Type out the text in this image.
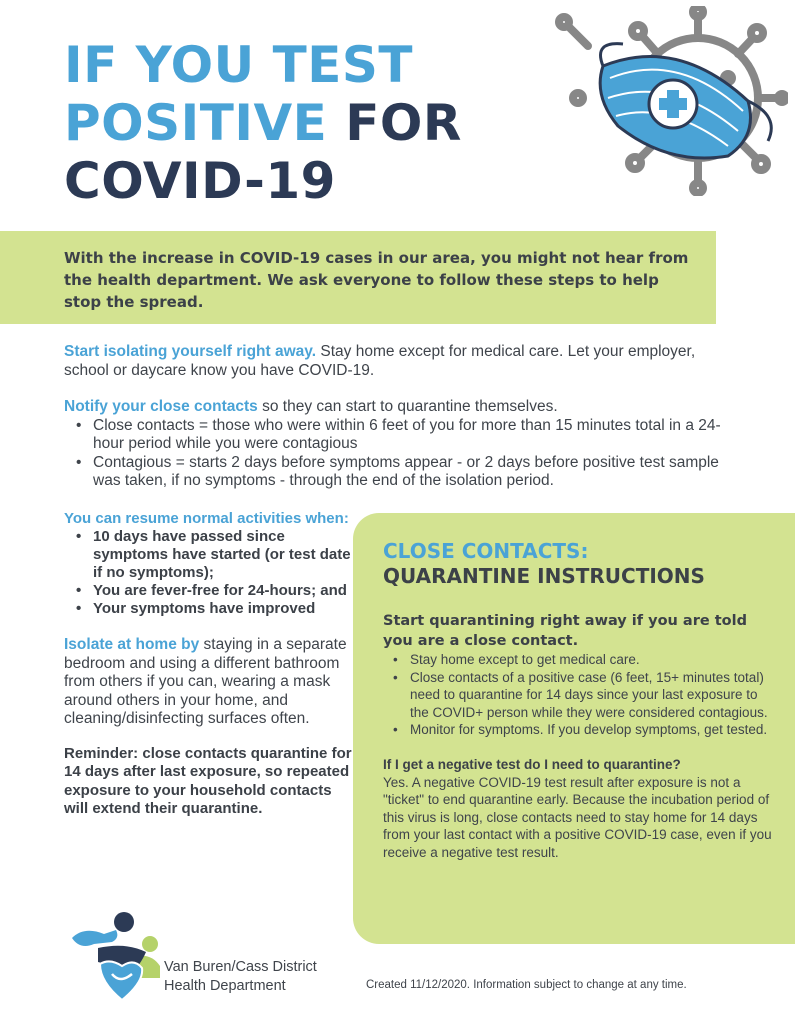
IF YOU TEST
POSITIVE FOR
COVID-19

With the increase in COVID-19 cases in our area, you might not hear from the health department. We ask everyone to follow these steps to help stop the spread.

Start isolating yourself right away. Stay home except for medical care. Let your employer, school or daycare know you have COVID-19.

Notify your close contacts so they can start to quarantine themselves.

• Close contacts = those who were within 6 feet of you for more than 15 minutes total in a 24-hour period while you were contagious
• Contagious = starts 2 days before symptoms appear - or 2 days before positive test sample was taken, if no symptoms - through the end of the isolation period.

You can resume normal activities when:

• 10 days have passed since symptoms have started (or test date if no symptoms);
• You are fever-free for 24-hours; and
• Your symptoms have improved

Isolate at home by staying in a separate bedroom and using a different bathroom from others if you can, wearing a mask around others in your home, and cleaning/disinfecting surfaces often.

Reminder: close contacts quarantine for 14 days after last exposure, so repeated exposure to your household contacts will extend their quarantine.

CLOSE CONTACTS:
QUARANTINE INSTRUCTIONS

Start quarantining right away if you are told you are a close contact.

• Stay home except to get medical care.
• Close contacts of a positive case (6 feet, 15+ minutes total) need to quarantine for 14 days since your last exposure to the COVID+ person while they were considered contagious.
• Monitor for symptoms. If you develop symptoms, get tested.

If I get a negative test do I need to quarantine?

Yes. A negative COVID-19 test result after exposure is not a "ticket" to end quarantine early. Because the incubation period of this virus is long, close contacts need to stay home for 14 days from your last contact with a positive COVID-19 case, even if you receive a negative test result.

Van Buren/Cass District
Health Department	Created 11/12/2020. Information subject to change at any time.
